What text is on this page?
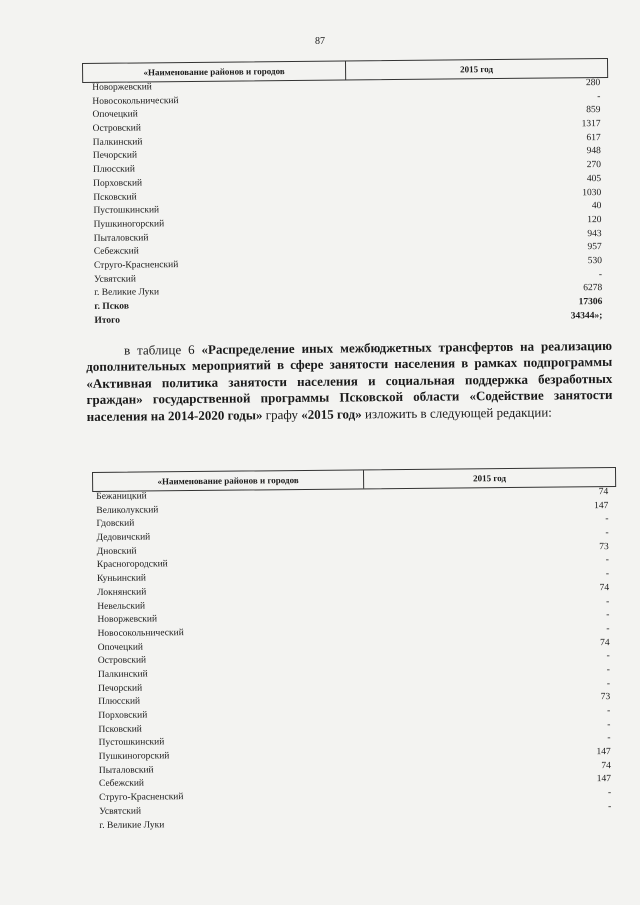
87
«Наименование районов и городов	2015 год
Новоржевский	280
Новосокольнический	-
Опочецкий	859
Островский	1317
Палкинский	617
Печорский	948
Плюсский	270
Порховский	405
Псковский	1030
Пустошкинский	40
Пушкиногорский	120
Пыталовский	943
Себежский	957
Струго-Красненский	530
Усвятский	-
г. Великие Луки	6278
г. Псков	17306
Итого	34344»;
в таблице 6 «Распределение иных межбюджетных трансфертов на реализацию дополнительных мероприятий в сфере занятости населения в рамках подпрограммы «Активная политика занятости населения и социальная поддержка безработных граждан» государственной программы Псковской области «Содействие занятости населения на 2014-2020 годы» графу «2015 год» изложить в следующей редакции:
«Наименование районов и городов	2015 год
Бежаницкий	74
Великолукский	147
Гдовский	-
Дедовичский	-
Дновский	73
Красногородский	-
Куньинский	-
Локнянский	74
Невельский	-
Новоржевский	-
Новосокольнический	-
Опочецкий	74
Островский	-
Палкинский	-
Печорский	-
Плюсский	73
Порховский	-
Псковский	-
Пустошкинский	-
Пушкиногорский	147
Пыталовский	74
Себежский	147
Струго-Красненский	-
Усвятский	-
г. Великие Луки
